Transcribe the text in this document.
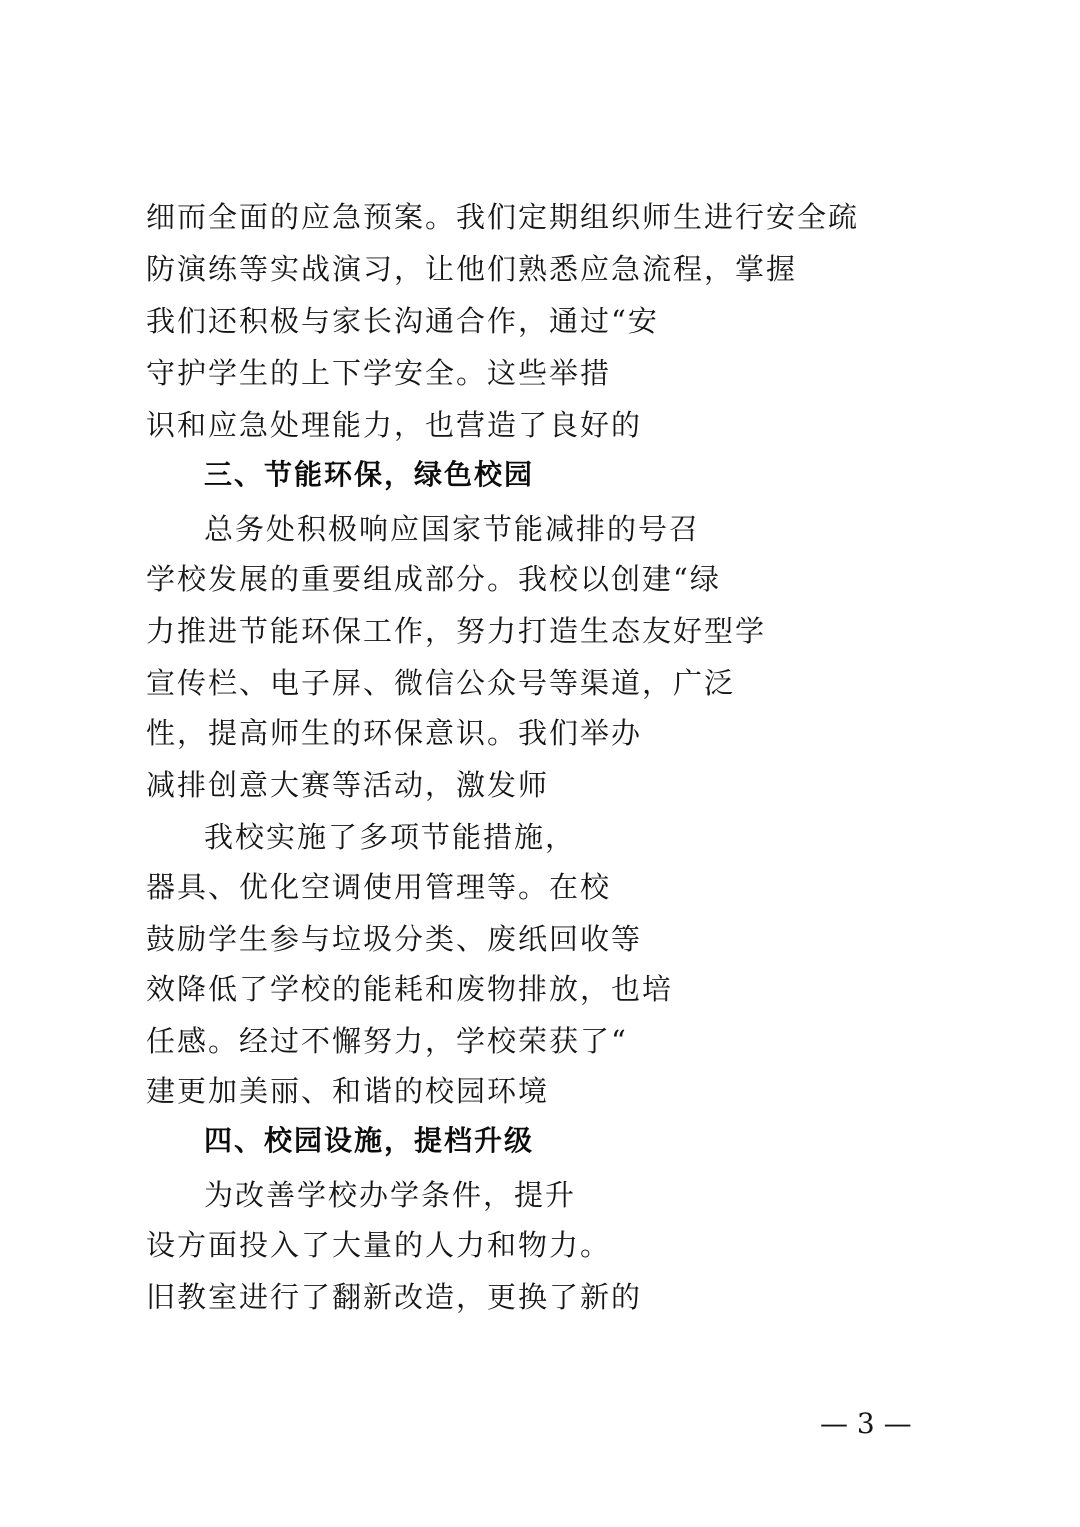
细而全面的应急预案。我们定期组织师生进行安全疏
防演练等实战演习，让他们熟悉应急流程，掌握
我们还积极与家长沟通合作，通过“安
守护学生的上下学安全。这些举措
识和应急处理能力，也营造了良好的
三、节能环保，绿色校园
总务处积极响应国家节能减排的号召
学校发展的重要组成部分。我校以创建“绿
力推进节能环保工作，努力打造生态友好型学
宣传栏、电子屏、微信公众号等渠道，广泛
性，提高师生的环保意识。我们举办
减排创意大赛等活动，激发师
我校实施了多项节能措施，
器具、优化空调使用管理等。在校
鼓励学生参与垃圾分类、废纸回收等
效降低了学校的能耗和废物排放，也培
任感。经过不懈努力，学校荣获了“
建更加美丽、和谐的校园环境
四、校园设施，提档升级
为改善学校办学条件，提升
设方面投入了大量的人力和物力。
旧教室进行了翻新改造，更换了新的
— 3 —
